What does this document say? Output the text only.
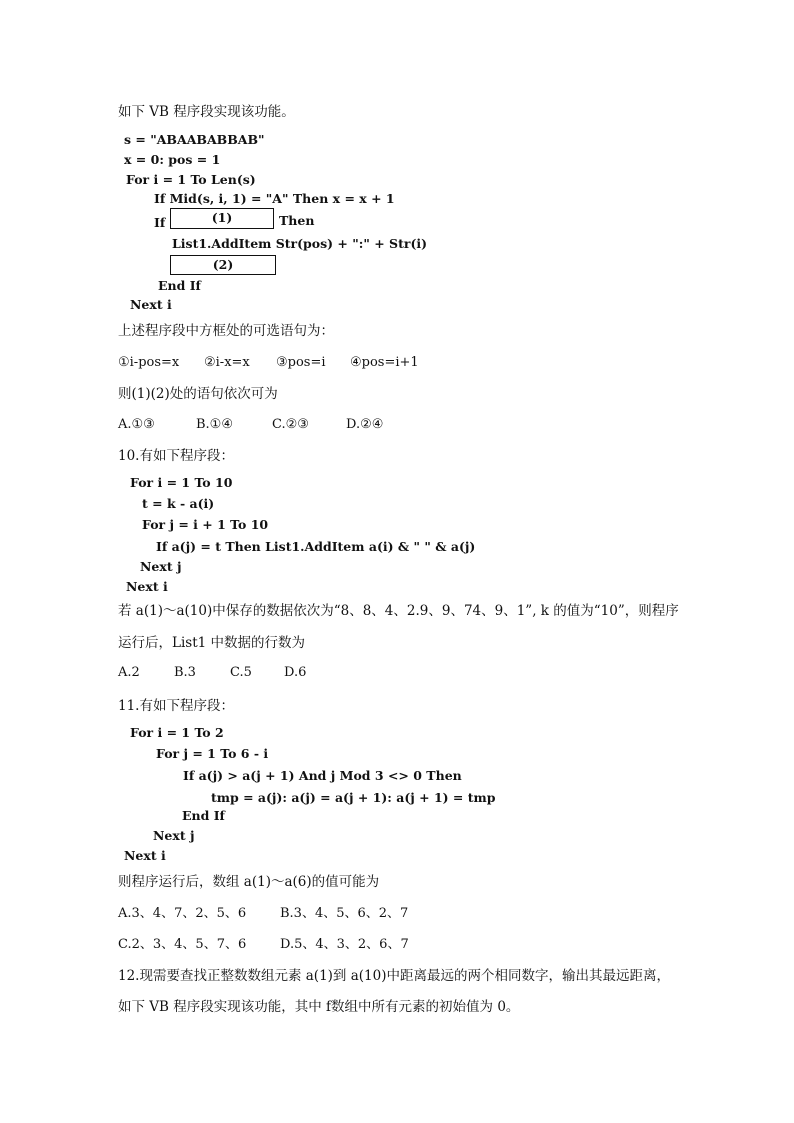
如下 VB 程序段实现该功能。
s = "ABAABABBAB"
x = 0: pos = 1
For i = 1 To Len(s)
If Mid(s, i, 1) = "A" Then x = x + 1
If	(1)	Then
List1.AddItem Str(pos) + ":" + Str(i)
(2)
End If
Next i
上述程序段中方框处的可选语句为：
①i-pos=x ②i-x=x ③pos=i ④pos=i+1
则(1)(2)处的语句依次可为
A.①③	B.①④	C.②③	D.②④
10.有如下程序段：
For i = 1 To 10
t = k - a(i)
For j = i + 1 To 10
If a(j) = t Then List1.AddItem a(i) & " " & a(j)
Next j
Next i
若 a(1)～a(10)中保存的数据依次为“8、8、4、2.9、9、74、9、1”, k 的值为“10”，则程序
运行后，List1 中数据的行数为
A.2	B.3	C.5 D.6
11.有如下程序段：
For i = 1 To 2
For j = 1 To 6 - i
If a(j) > a(j + 1) And j Mod 3 <> 0 Then
tmp = a(j): a(j) = a(j + 1): a(j + 1) = tmp
End If
Next j
Next i
则程序运行后，数组 a(1)～a(6)的值可能为
A.3、4、7、2、5、6	B.3、4、5、6、2、7
C.2、3、4、5、7、6	D.5、4、3、2、6、7
12.现需要查找正整数数组元素 a(1)到 a(10)中距离最远的两个相同数字，输出其最远距离，
如下 VB 程序段实现该功能，其中 f数组中所有元素的初始值为 0。
